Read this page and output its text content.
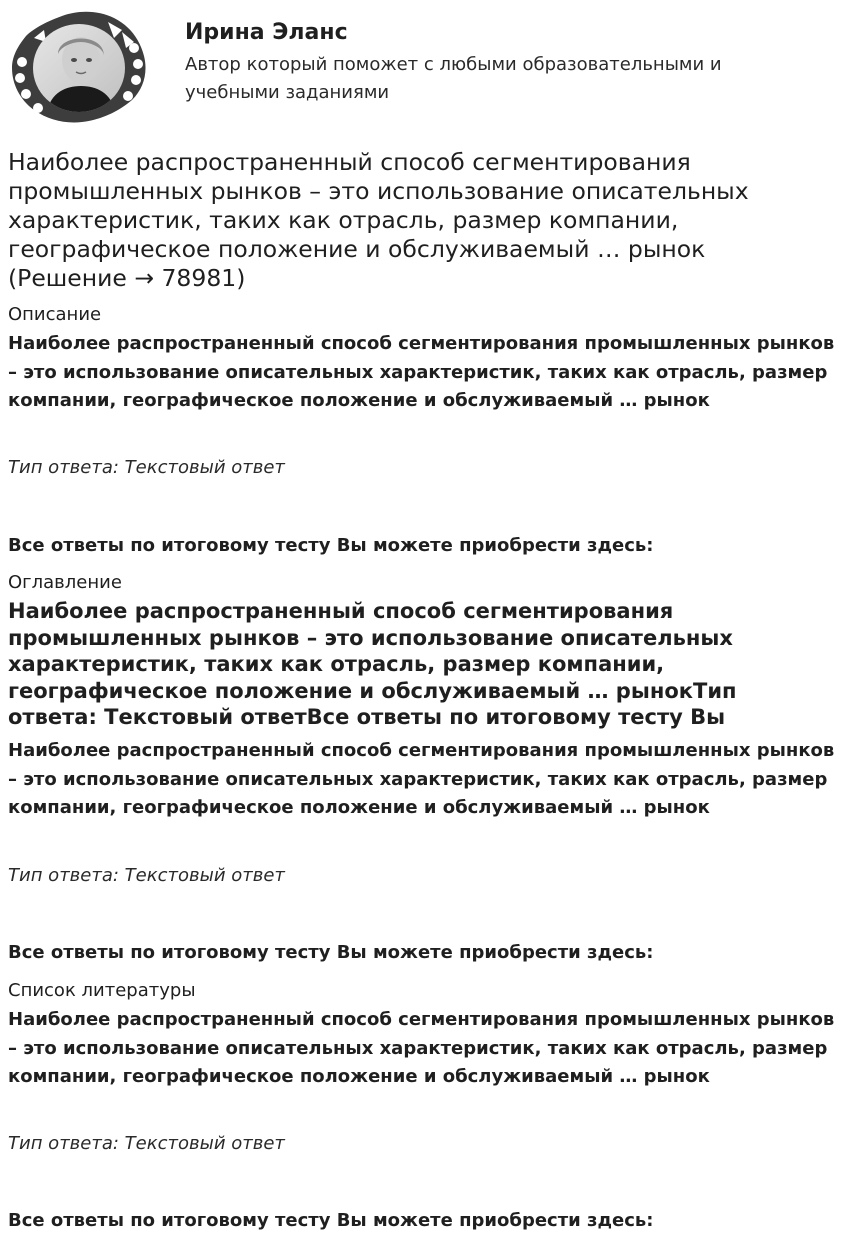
Ирина Эланс

Автор который поможет с любыми образовательными и учебными заданиями

Наиболее распространенный способ сегментирования промышленных рынков – это использование описательных характеристик, таких как отрасль, размер компании, географическое положение и обслуживаемый … рынок (Решение → 78981)

Описание

Наиболее распространенный способ сегментирования промышленных рынков – это использование описательных характеристик, таких как отрасль, размер компании, географическое положение и обслуживаемый … рынок

Тип ответа: Текстовый ответ

Все ответы по итоговому тесту Вы можете приобрести здесь:

Оглавление

Наиболее распространенный способ сегментирования промышленных рынков – это использование описательных характеристик, таких как отрасль, размер компании, географическое положение и обслуживаемый … рынокТип ответа: Текстовый ответВсе ответы по итоговому тесту Вы

Наиболее распространенный способ сегментирования промышленных рынков – это использование описательных характеристик, таких как отрасль, размер компании, географическое положение и обслуживаемый … рынок

Тип ответа: Текстовый ответ

Все ответы по итоговому тесту Вы можете приобрести здесь:

Список литературы

Наиболее распространенный способ сегментирования промышленных рынков – это использование описательных характеристик, таких как отрасль, размер компании, географическое положение и обслуживаемый … рынок

Тип ответа: Текстовый ответ

Все ответы по итоговому тесту Вы можете приобрести здесь:
